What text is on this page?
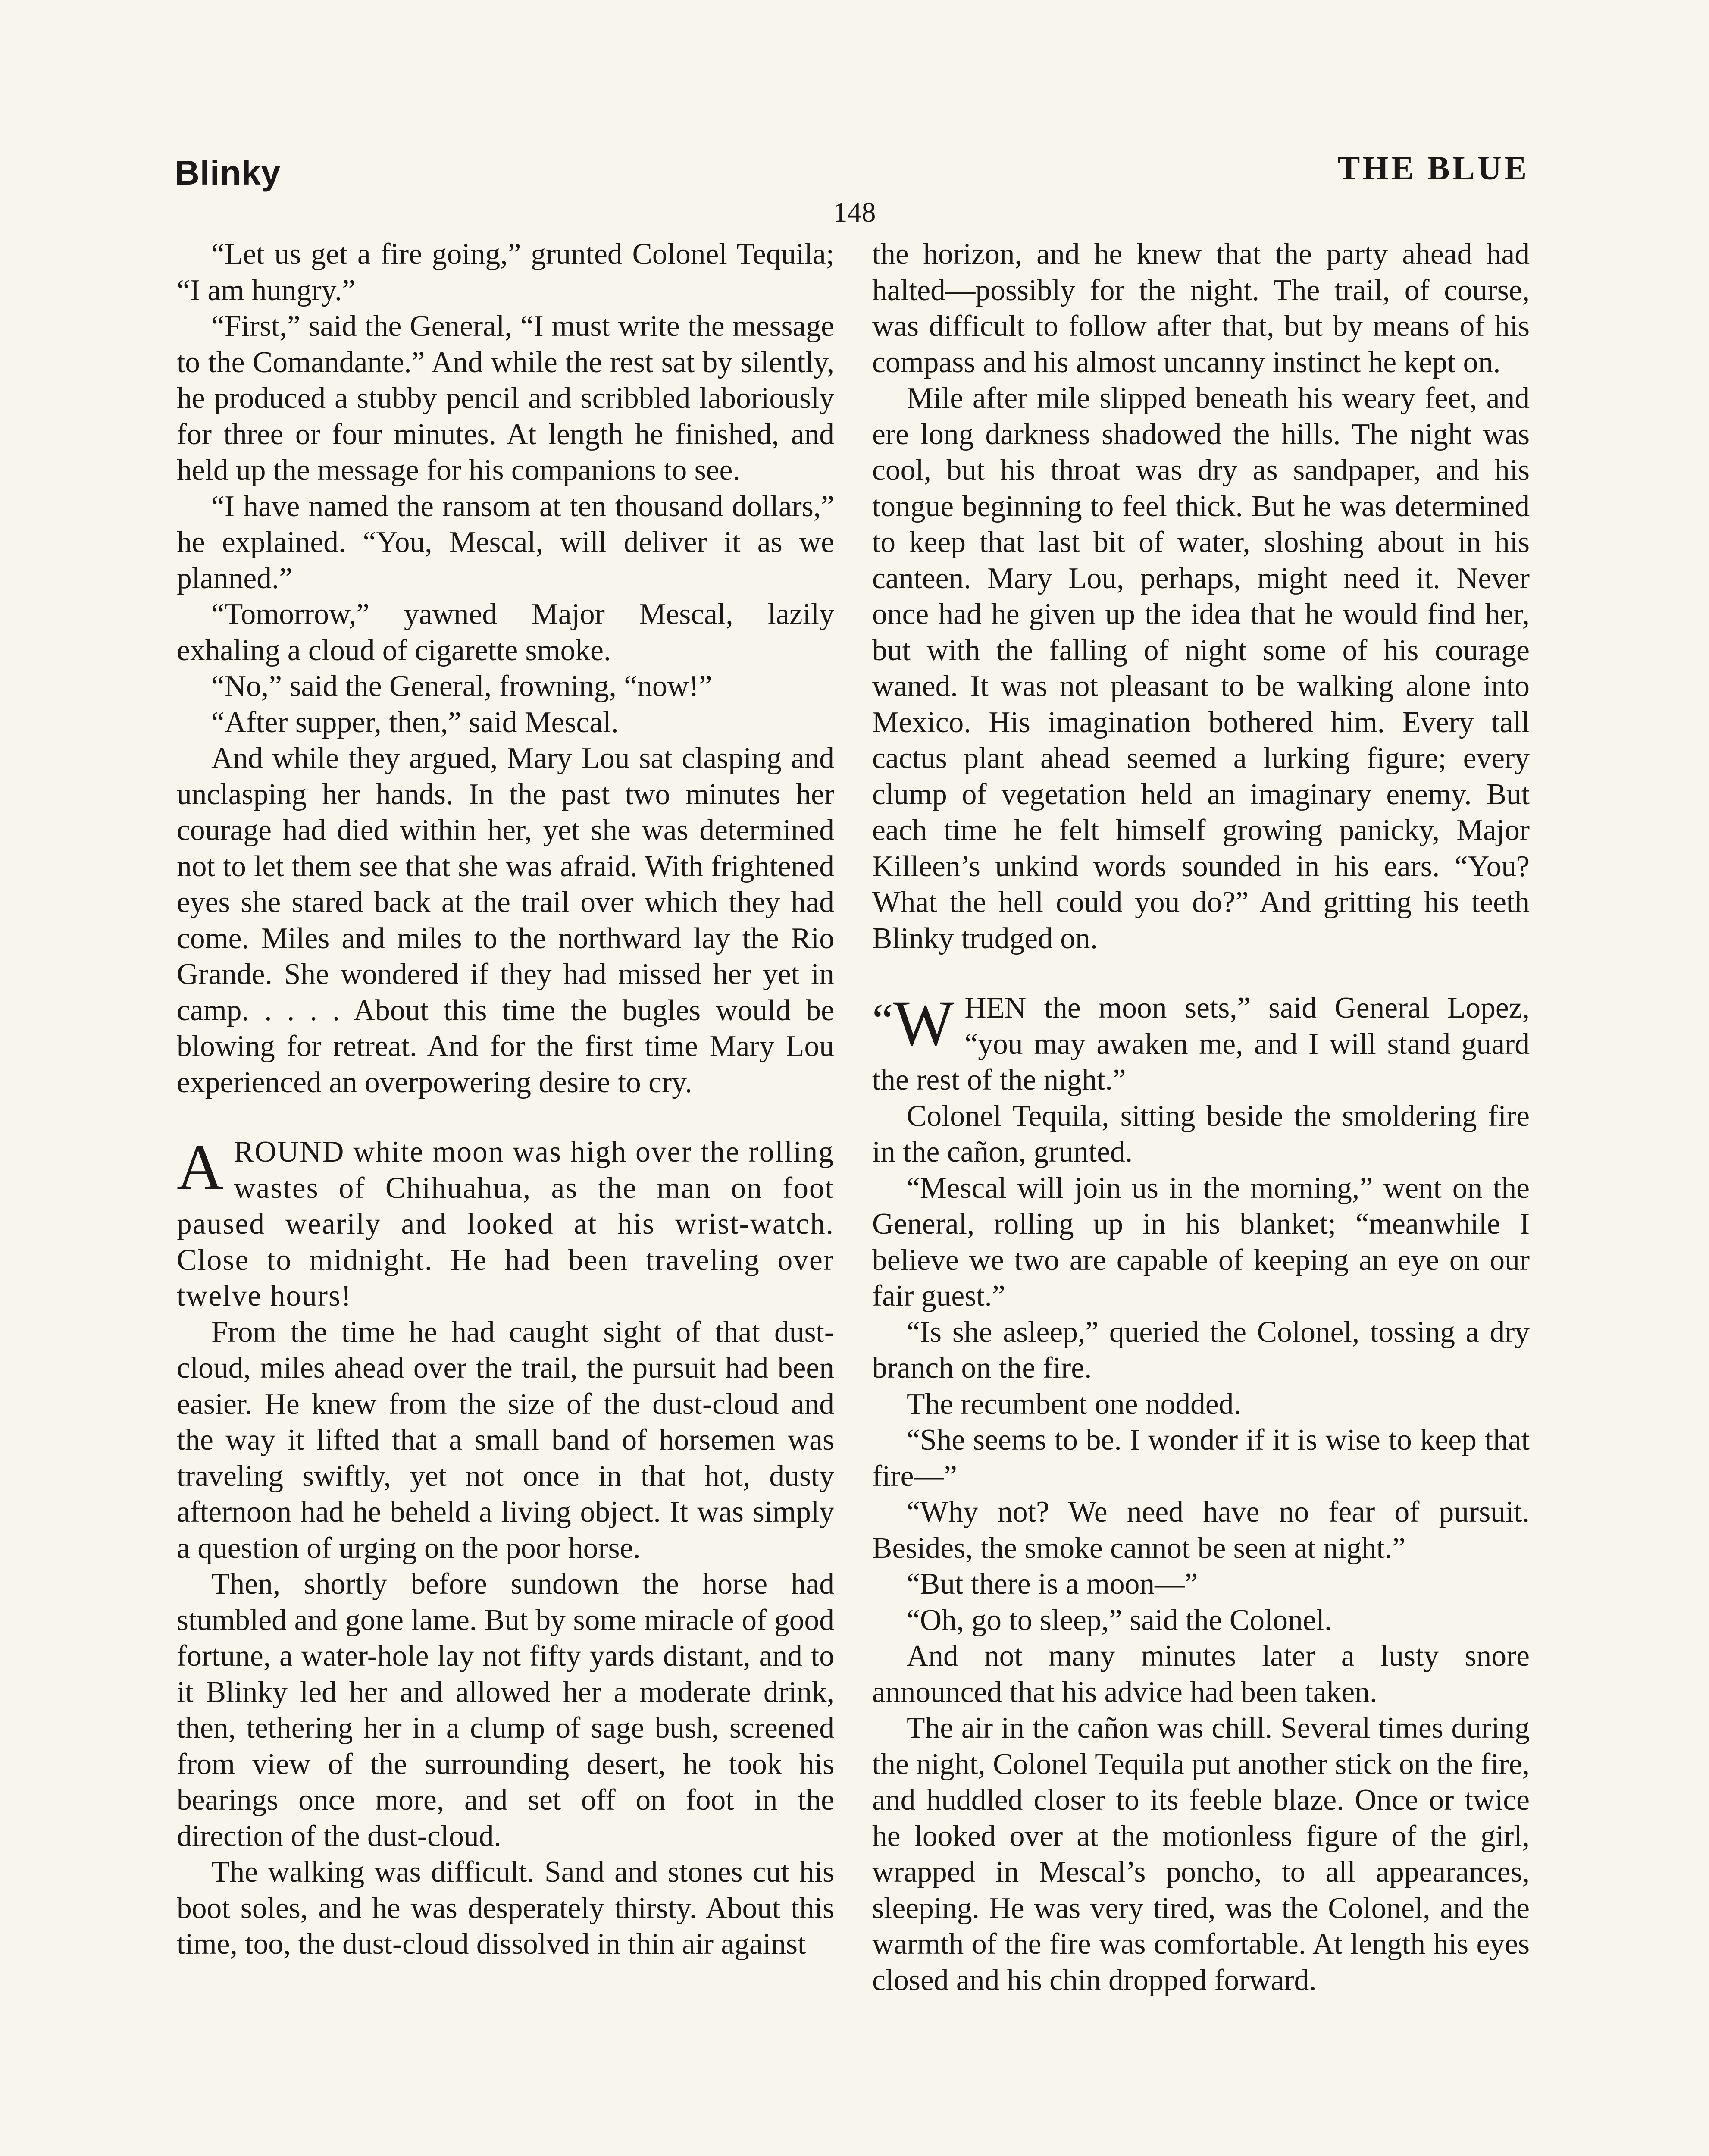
Blinky	THE BLUE
148

“Let us get a fire going,” grunted Colonel Tequila; “I am hungry.”

“First,” said the General, “I must write the message to the Comandante.” And while the rest sat by silently, he produced a stubby pencil and scribbled laboriously for three or four minutes. At length he finished, and held up the message for his companions to see.

“I have named the ransom at ten thousand dollars,” he explained. “You, Mescal, will deliver it as we planned.”

“Tomorrow,” yawned Major Mescal, lazily exhaling a cloud of cigarette smoke.

“No,” said the General, frowning, “now!”

“After supper, then,” said Mescal.

And while they argued, Mary Lou sat clasping and unclasping her hands. In the past two minutes her courage had died within her, yet she was determined not to let them see that she was afraid. With frightened eyes she stared back at the trail over which they had come. Miles and miles to the northward lay the Rio Grande. She wondered if they had missed her yet in camp. . . . . About this time the bugles would be blowing for retreat. And for the first time Mary Lou experienced an overpowering desire to cry.

AROUND white moon was high over the rolling wastes of Chihuahua, as the man on foot paused wearily and looked at his wrist-watch. Close to midnight. He had been traveling over twelve hours!

From the time he had caught sight of that dust-cloud, miles ahead over the trail, the pursuit had been easier. He knew from the size of the dust-cloud and the way it lifted that a small band of horsemen was traveling swiftly, yet not once in that hot, dusty afternoon had he beheld a living object. It was simply a question of urging on the poor horse.

Then, shortly before sundown the horse had stumbled and gone lame. But by some miracle of good fortune, a water-hole lay not fifty yards distant, and to it Blinky led her and allowed her a moderate drink, then, tethering her in a clump of sage bush, screened from view of the surrounding desert, he took his bearings once more, and set off on foot in the direction of the dust-cloud.

The walking was difficult. Sand and stones cut his boot soles, and he was desperately thirsty. About this time, too, the dust-cloud dissolved in thin air against

the horizon, and he knew that the party ahead had halted—possibly for the night. The trail, of course, was difficult to follow after that, but by means of his compass and his almost uncanny instinct he kept on.

Mile after mile slipped beneath his weary feet, and ere long darkness shadowed the hills. The night was cool, but his throat was dry as sandpaper, and his tongue beginning to feel thick. But he was determined to keep that last bit of water, sloshing about in his canteen. Mary Lou, perhaps, might need it. Never once had he given up the idea that he would find her, but with the falling of night some of his courage waned. It was not pleasant to be walking alone into Mexico. His imagination bothered him. Every tall cactus plant ahead seemed a lurking figure; every clump of vegetation held an imaginary enemy. But each time he felt himself growing panicky, Major Killeen’s unkind words sounded in his ears. “You? What the hell could you do?” And gritting his teeth Blinky trudged on.

“ W HEN the moon sets,” said General Lopez, “you may awaken me, and I will stand guard the rest of the night.”

Colonel Tequila, sitting beside the smoldering fire in the cañon, grunted.

“Mescal will join us in the morning,” went on the General, rolling up in his blanket; “meanwhile I believe we two are capable of keeping an eye on our fair guest.”

“Is she asleep,” queried the Colonel, tossing a dry branch on the fire.

The recumbent one nodded.

“She seems to be. I wonder if it is wise to keep that fire—”

“Why not? We need have no fear of pursuit. Besides, the smoke cannot be seen at night.”

“But there is a moon—”

“Oh, go to sleep,” said the Colonel.

And not many minutes later a lusty snore announced that his advice had been taken.

The air in the cañon was chill. Several times during the night, Colonel Tequila put another stick on the fire, and huddled closer to its feeble blaze. Once or twice he looked over at the motionless figure of the girl, wrapped in Mescal’s poncho, to all appearances, sleeping. He was very tired, was the Colonel, and the warmth of the fire was comfortable. At length his eyes closed and his chin dropped forward.
